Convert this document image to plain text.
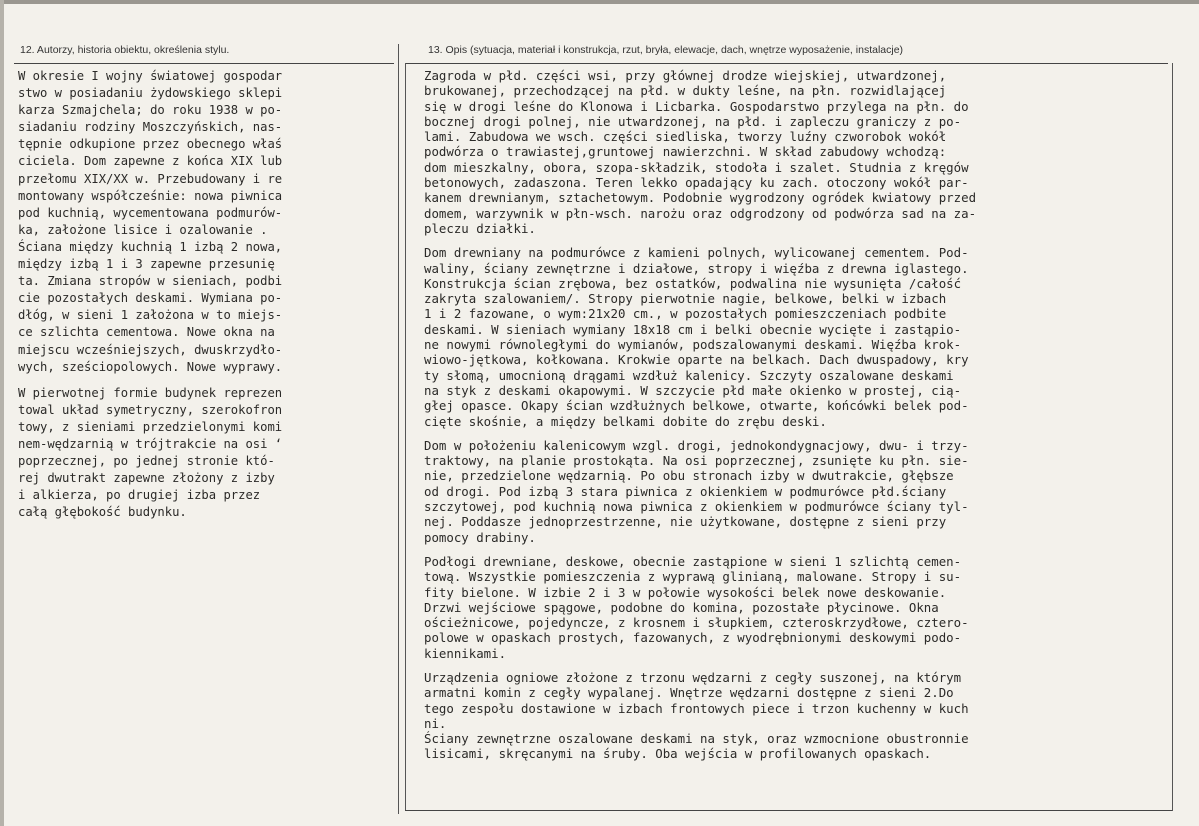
12. Autorzy, historia obiektu, określenia stylu.	13. Opis (sytuacja, materiał i konstrukcja, rzut, bryła, elewacje, dach, wnętrze wyposażenie, instalacje)
W okresie I wojny światowej gospodar
stwo w posiadaniu żydowskiego sklepi
karza Szmajchela; do roku 1938 w po-
siadaniu rodziny Moszczyńskich, nas-
tępnie odkupione przez obecnego właś
ciciela. Dom zapewne z końca XIX lub
przełomu XIX/XX w. Przebudowany i re
montowany współcześnie: nowa piwnica
pod kuchnią, wycementowana podmurów-
ka, założone lisice i ozalowanie .
Ściana między kuchnią 1 izbą 2 nowa,
między izbą 1 i 3 zapewne przesunię
ta. Zmiana stropów w sieniach, podbi
cie pozostałych deskami. Wymiana po-
dłóg, w sieni 1 założona w to miejs-
ce szlichta cementowa. Nowe okna na
miejscu wcześniejszych, dwuskrzydło-
wych, sześciopolowych. Nowe wyprawy.
W pierwotnej formie budynek reprezen
towal układ symetryczny, szerokofron
towy, z sieniami przedzielonymi komi
nem-wędzarnią w trójtrakcie na osi ‘
poprzecznej, po jednej stronie któ-
rej dwutrakt zapewne złożony z izby
i alkierza, po drugiej izba przez
całą głębokość budynku.
Zagroda w płd. części wsi, przy głównej drodze wiejskiej, utwardzonej,
brukowanej, przechodzącej na płd. w dukty leśne, na płn. rozwidlającej
się w drogi leśne do Klonowa i Licbarka. Gospodarstwo przylega na płn. do
bocznej drogi polnej, nie utwardzonej, na płd. i zapleczu graniczy z po-
lami. Zabudowa we wsch. części siedliska, tworzy luźny czworobok wokół
podwórza o trawiastej,gruntowej nawierzchni. W skład zabudowy wchodzą:
dom mieszkalny, obora, szopa-składzik, stodoła i szalet. Studnia z kręgów
betonowych, zadaszona. Teren lekko opadający ku zach. otoczony wokół par-
kanem drewnianym, sztachetowym. Podobnie wygrodzony ogródek kwiatowy przed
domem, warzywnik w płn-wsch. narożu oraz odgrodzony od podwórza sad na za-
pleczu działki.
Dom drewniany na podmurówce z kamieni polnych, wylicowanej cementem. Pod-
waliny, ściany zewnętrzne i działowe, stropy i więźba z drewna iglastego.
Konstrukcja ścian zrębowa, bez ostatków, podwalina nie wysunięta /całość
zakryta szalowaniem/. Stropy pierwotnie nagie, belkowe, belki w izbach
1 i 2 fazowane, o wym:21x20 cm., w pozostałych pomieszczeniach podbite
deskami. W sieniach wymiany 18x18 cm i belki obecnie wycięte i zastąpio-
ne nowymi równoległymi do wymianów, podszalowanymi deskami. Więźba krok-
wiowo-jętkowa, kołkowana. Krokwie oparte na belkach. Dach dwuspadowy, kry
ty słomą, umocnioną drągami wzdłuż kalenicy. Szczyty oszalowane deskami
na styk z deskami okapowymi. W szczycie płd małe okienko w prostej, cią-
głej opasce. Okapy ścian wzdłużnych belkowe, otwarte, końcówki belek pod-
cięte skośnie, a między belkami dobite do zrębu deski.
Dom w położeniu kalenicowym wzgl. drogi, jednokondygnacjowy, dwu- i trzy-
traktowy, na planie prostokąta. Na osi poprzecznej, zsunięte ku płn. sie-
nie, przedzielone wędzarnią. Po obu stronach izby w dwutrakcie, głębsze
od drogi. Pod izbą 3 stara piwnica z okienkiem w podmurówce płd.ściany
szczytowej, pod kuchnią nowa piwnica z okienkiem w podmurówce ściany tyl-
nej. Poddasze jednoprzestrzenne, nie użytkowane, dostępne z sieni przy
pomocy drabiny.
Podłogi drewniane, deskowe, obecnie zastąpione w sieni 1 szlichtą cemen-
tową. Wszystkie pomieszczenia z wyprawą glinianą, malowane. Stropy i su-
fity bielone. W izbie 2 i 3 w połowie wysokości belek nowe deskowanie.
Drzwi wejściowe spągowe, podobne do komina, pozostałe płycinowe. Okna
ościeżnicowe, pojedyncze, z krosnem i słupkiem, czteroskrzydłowe, cztero-
polowe w opaskach prostych, fazowanych, z wyodrębnionymi deskowymi podo-
kiennikami.
Urządzenia ogniowe złożone z trzonu wędzarni z cegły suszonej, na którym
armatni komin z cegły wypalanej. Wnętrze wędzarni dostępne z sieni 2.Do
tego zespołu dostawione w izbach frontowych piece i trzon kuchenny w kuch
ni.
Ściany zewnętrzne oszalowane deskami na styk, oraz wzmocnione obustronnie
lisicami, skręcanymi na śruby. Oba wejścia w profilowanych opaskach.
